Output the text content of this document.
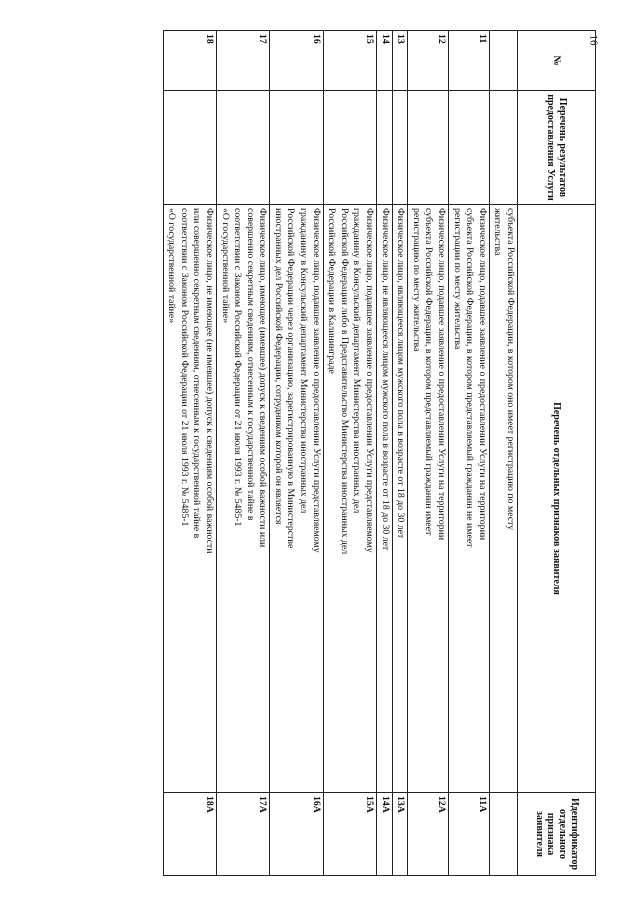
16
№	Перечень результатов предоставления Услуги	Перечень отдельных признаков заявителя	Идентификатор отдельного признака заявителя

		субъекта Российской Федерации, в котором оно имеет регистрацию по месту
жительства	

11		Физическое лицо, подавшее заявление о предоставлении Услуги на территории
субъекта Российской Федерации, в котором представляемый гражданин не имеет
регистрации по месту жительства	11А
12		Физическое лицо, подавшее заявление о предоставлении Услуги на территории
субъекта Российской Федерации, в котором представляемый гражданин имеет
регистрацию по месту жительства	12А
13		Физическое лицо, являющееся лицом мужского пола в возрасте от 18 до 30 лет	13А
14		Физическое лицо, не являющееся лицом мужского пола в возрасте от 18 до 30 лет	14А
15		Физическое лицо, подавшее заявление о предоставлении Услуги представляемому
гражданину в Консульский департамент Министерства иностранных дел
Российской Федерации либо в Представительство Министерства иностранных дел
Российской Федерации в Калининграде	15А
16		Физическое лицо, подавшее заявление о предоставлении Услуги представляемому
гражданину в Консульский департамент Министерства иностранных дел
Российской Федерации через организацию, зарегистрированную в Министерстве
иностранных дел Российской Федерации, сотрудником которой он является	16А
17		Физическое лицо, имеющее (имевшее) допуск к сведениям особой важности или
совершенно секретным сведениям, отнесенным к государственной тайне в
соответствии с Законом Российской Федерации от 21 июля 1993 г. № 5485-1
«О государственной тайне»	17А
18		Физическое лицо, не имеющее (не имевшее) допуск к сведениям особой важности
или совершенно секретным сведениям, отнесенным к государственной тайне в
соответствии с Законом Российской Федерации от 21 июля 1993 г. № 5485-1
«О государственной тайне»	18А
